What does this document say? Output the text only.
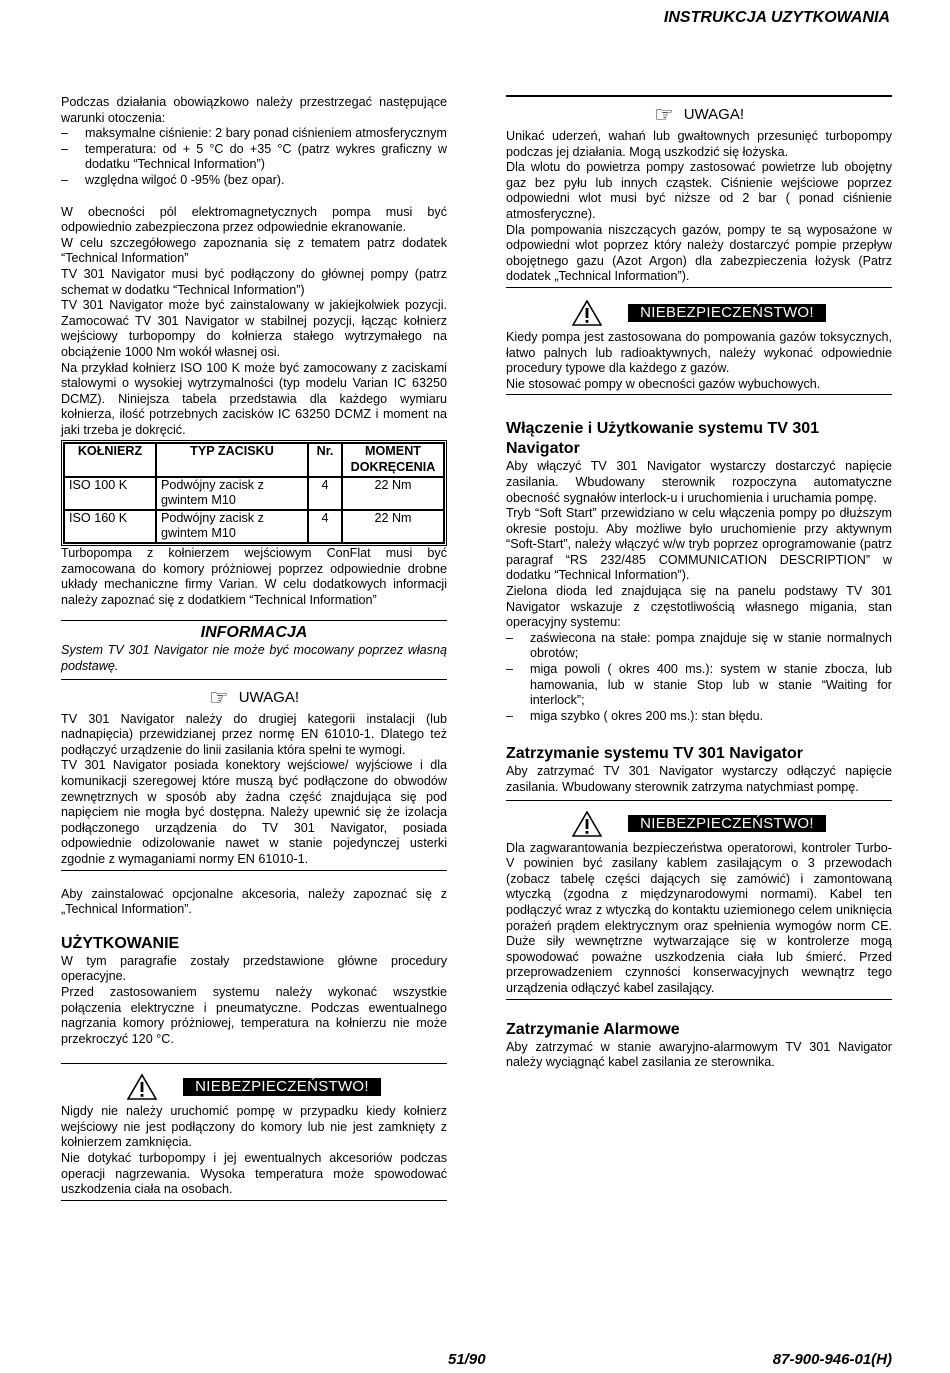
INSTRUKCJA UZYTKOWANIA

Podczas działania obowiązkowo należy przestrzegać następujące warunki otoczenia:

– maksymalne ciśnienie: 2 bary ponad ciśnieniem atmosferycznym
– temperatura: od + 5 °C do +35 °C (patrz wykres graficzny w dodatku “Technical Information”)
– względna wilgoć 0 -95% (bez opar).

W obecności pól elektromagnetycznych pompa musi być odpowiednio zabezpieczona przez odpowiednie ekranowanie.

W celu szczegółowego zapoznania się z tematem patrz dodatek “Technical Information”

TV 301 Navigator musi być podłączony do głównej pompy (patrz schemat w dodatku “Technical Information”)

TV 301 Navigator może być zainstalowany w jakiejkolwiek pozycji. Zamocować TV 301 Navigator w stabilnej pozycji, łącząc kołnierz wejściowy turbopompy do kołnierza stałego wytrzymałego na obciążenie 1000 Nm wokół własnej osi.

Na przykład kołnierz ISO 100 K może być zamocowany z zaciskami stalowymi o wysokiej wytrzymalności (typ modelu Varian IC 63250 DCMZ). Niniejsza tabela przedstawia dla każdego wymiaru kołnierza, ilość potrzebnych zacisków IC 63250 DCMZ i moment na jaki trzeba je dokręcić.

KOŁNIERZ	TYP ZACISKU	Nr.	MOMENT DOKRĘCENIA
ISO 100 K	Podwójny zacisk z gwintem M10	4	22 Nm
ISO 160 K	Podwójny zacisk z gwintem M10	4	22 Nm

Turbopompa z kołnierzem wejściowym ConFlat musi być zamocowana do komory próżniowej poprzez odpowiednie drobne układy mechaniczne firmy Varian. W celu dodatkowych informacji należy zapoznać się z dodatkiem “Technical Information”

INFORMACJA

System TV 301 Navigator nie może być mocowany poprzez własną podstawę.

☞ UWAGA!

TV 301 Navigator należy do drugiej kategorii instalacji (lub nadnapięcia) przewidzianej przez normę EN 61010-1. Dlatego też podłączyć urządzenie do linii zasilania która spełni te wymogi.

TV 301 Navigator posiada konektory wejściowe/ wyjściowe i dla komunikacji szeregowej które muszą być podłączone do obwodów zewnętrznych w sposób aby żadna część znajdująca się pod napięciem nie mogła być dostępna. Należy upewnić się że izolacja podłączonego urządzenia do TV 301 Navigator, posiada odpowiednie odizolowanie nawet w stanie pojedynczej usterki zgodnie z wymaganiami normy EN 61010-1.

Aby zainstalować opcjonalne akcesoria, należy zapoznać się z „Technical Information”.

UŻYTKOWANIE

W tym paragrafie zostały przedstawione główne procedury operacyjne.

Przed zastosowaniem systemu należy wykonać wszystkie połączenia elektryczne i pneumatyczne. Podczas ewentualnego nagrzania komory próżniowej, temperatura na kołnierzu nie może przekroczyć 120 °C.

NIEBEZPIECZEŃSTWO!

Nigdy nie należy uruchomić pompę w przypadku kiedy kołnierz wejściowy nie jest podłączony do komory lub nie jest zamknięty z kołnierzem zamknięcia.

Nie dotykać turbopompy i jej ewentualnych akcesoriów podczas operacji nagrzewania. Wysoka temperatura może spowodować uszkodzenia ciała na osobach.

☞ UWAGA!

Unikać uderzeń, wahań lub gwałtownych przesunięć turbopompy podczas jej działania. Mogą uszkodzić się łożyska.

Dla wlotu do powietrza pompy zastosować powietrze lub obojętny gaz bez pyłu lub innych cząstek. Ciśnienie wejściowe poprzez odpowiedni wlot musi być niższe od 2 bar ( ponad ciśnienie atmosferyczne).

Dla pompowania niszczących gazów, pompy te są wyposażone w odpowiedni wlot poprzez który należy dostarczyć pompie przepływ obojętnego gazu (Azot Argon) dla zabezpieczenia łożysk (Patrz dodatek „Technical Information”).

NIEBEZPIECZEŃSTWO!

Kiedy pompa jest zastosowana do pompowania gazów toksycznych, łatwo palnych lub radioaktywnych, należy wykonać odpowiednie procedury typowe dla każdego z gazów.

Nie stosować pompy w obecności gazów wybuchowych.

Włączenie i Użytkowanie systemu TV 301 Navigator

Aby włączyć TV 301 Navigator wystarczy dostarczyć napięcie zasilania. Wbudowany sterownik rozpoczyna automatyczne obecność sygnałów interlock-u i uruchomienia i uruchamia pompę.

Tryb “Soft Start” przewidziano w celu włączenia pompy po dłuższym okresie postoju. Aby możliwe było uruchomienie przy aktywnym “Soft-Start”, należy włączyć w/w tryb poprzez oprogramowanie (patrz paragraf “RS 232/485 COMMUNICATION DESCRIPTION” w dodatku “Technical Information”).

Zielona dioda led znajdująca się na panelu podstawy TV 301 Navigator wskazuje z częstotliwością własnego migania, stan operacyjny systemu:

– zaświecona na stałe: pompa znajduje się w stanie normalnych obrotów;
– miga powoli ( okres 400 ms.): system w stanie zbocza, lub hamowania, lub w stanie Stop lub w stanie “Waiting for interlock”;
– miga szybko ( okres 200 ms.): stan błędu.
Zatrzymanie systemu TV 301 Navigator

Aby zatrzymać TV 301 Navigator wystarczy odłączyć napięcie zasilania. Wbudowany sterownik zatrzyma natychmiast pompę.

NIEBEZPIECZEŃSTWO!

Dla zagwarantowania bezpieczeństwa operatorowi, kontroler Turbo-V powinien być zasilany kablem zasilającym o 3 przewodach (zobacz tabelę części dających się zamówić) i zamontowaną wtyczką (zgodna z międzynarodowymi normami). Kabel ten podłączyć wraz z wtyczką do kontaktu uziemionego celem uniknięcia porażeń prądem elektrycznym oraz spełnienia wymogów norm CE. Duże siły wewnętrzne wytwarzające się w kontrolerze mogą spowodować poważne uszkodzenia ciała lub śmierć. Przed przeprowadzeniem czynności konserwacyjnych wewnątrz tego urządzenia odłączyć kabel zasilający.

Zatrzymanie Alarmowe

Aby zatrzymać w stanie awaryjno-alarmowym TV 301 Navigator należy wyciągnąć kabel zasilania ze sterownika.

51/90	87-900-946-01(H)
